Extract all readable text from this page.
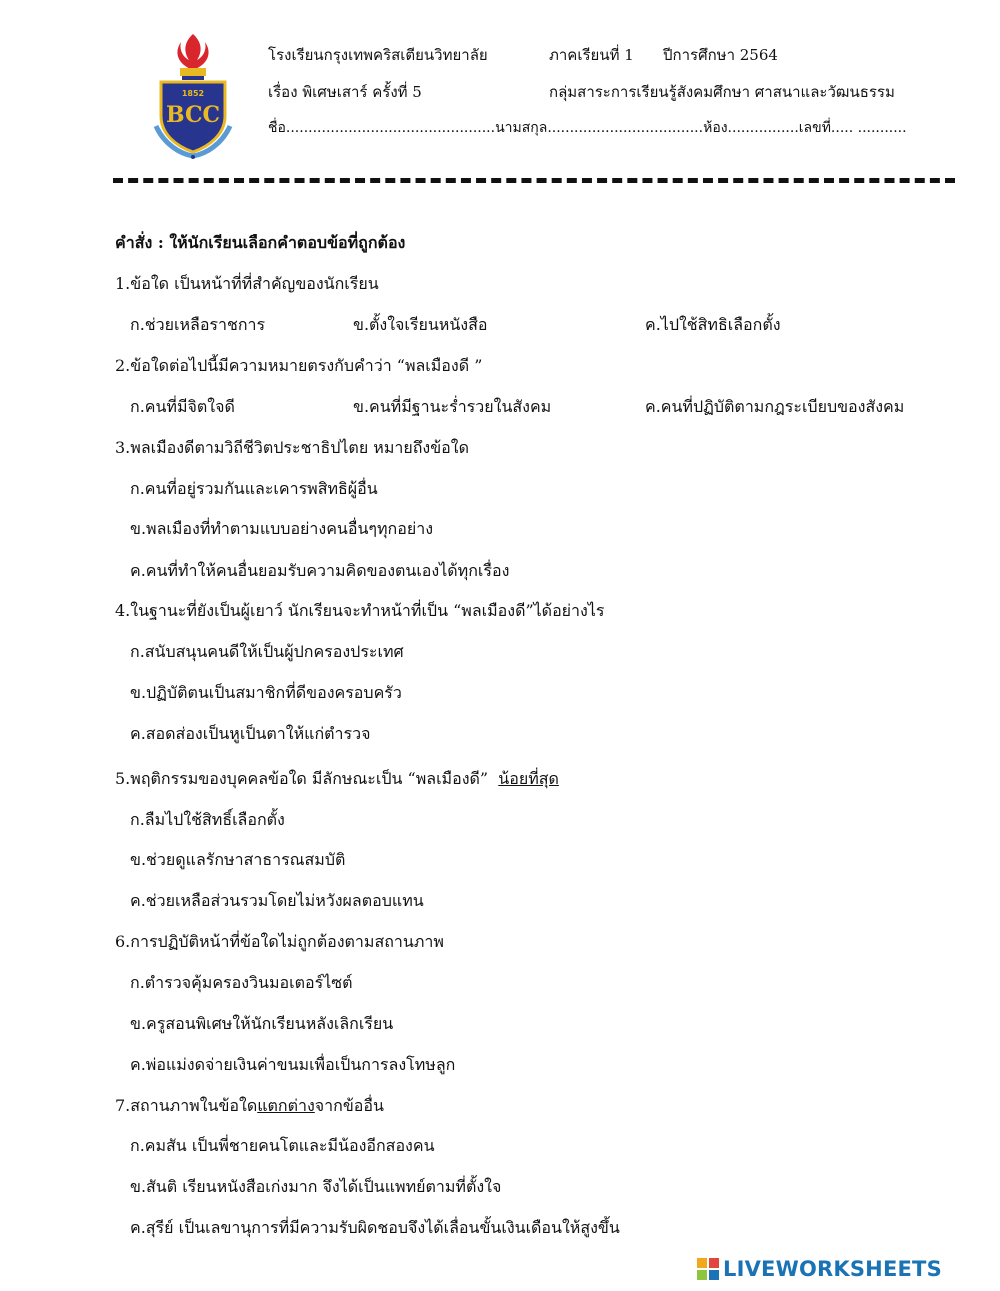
1852
BCC
โรงเรียนกรุงเทพคริสเตียนวิทยาลัย	ภาคเรียนที่ 1 ปีการศึกษา 2564
เรื่อง พิเศษเสาร์ ครั้งที่ 5	กลุ่มสาระการเรียนรู้สังคมศึกษา ศาสนาและวัฒนธรรม
ชื่อ...............................................นามสกุล...................................ห้อง................เลขที่..... ...........
คำสั่ง : ให้นักเรียนเลือกคำตอบข้อที่ถูกต้อง
1.ข้อใด เป็นหน้าที่ที่สำคัญของนักเรียน
ก.ช่วยเหลือราชการ	ข.ตั้งใจเรียนหนังสือ	ค.ไปใช้สิทธิเลือกตั้ง
2.ข้อใดต่อไปนี้มีความหมายตรงกับคำว่า “พลเมืองดี ”
ก.คนที่มีจิตใจดี	ข.คนที่มีฐานะร่ำรวยในสังคม	ค.คนที่ปฏิบัติตามกฎระเบียบของสังคม
3.พลเมืองดีตามวิถีชีวิตประชาธิปไตย หมายถึงข้อใด
ก.คนที่อยู่รวมกันและเคารพสิทธิผู้อื่น
ข.พลเมืองที่ทำตามแบบอย่างคนอื่นๆทุกอย่าง
ค.คนที่ทำให้คนอื่นยอมรับความคิดของตนเองได้ทุกเรื่อง
4.ในฐานะที่ยังเป็นผู้เยาว์ นักเรียนจะทำหน้าที่เป็น “พลเมืองดี”ได้อย่างไร
ก.สนับสนุนคนดีให้เป็นผู้ปกครองประเทศ
ข.ปฏิบัติตนเป็นสมาชิกที่ดีของครอบครัว
ค.สอดส่องเป็นหูเป็นตาให้แก่ตำรวจ
5.พฤติกรรมของบุคคลข้อใด มีลักษณะเป็น “พลเมืองดี” น้อยที่สุด
ก.ลืมไปใช้สิทธิ์เลือกตั้ง
ข.ช่วยดูแลรักษาสาธารณสมบัติ
ค.ช่วยเหลือส่วนรวมโดยไม่หวังผลตอบแทน
6.การปฏิบัติหน้าที่ข้อใดไม่ถูกต้องตามสถานภาพ
ก.ตำรวจคุ้มครองวินมอเตอร์ไซต์
ข.ครูสอนพิเศษให้นักเรียนหลังเลิกเรียน
ค.พ่อแม่งดจ่ายเงินค่าขนมเพื่อเป็นการลงโทษลูก
7.สถานภาพในข้อใดแตกต่างจากข้ออื่น
ก.คมสัน เป็นพี่ชายคนโตและมีน้องอีกสองคน
ข.สันติ เรียนหนังสือเก่งมาก จึงได้เป็นแพทย์ตามที่ตั้งใจ
ค.สุรีย์ เป็นเลขานุการที่มีความรับผิดชอบจึงได้เลื่อนขั้นเงินเดือนให้สูงขึ้น
LIVEWORKSHEETS
